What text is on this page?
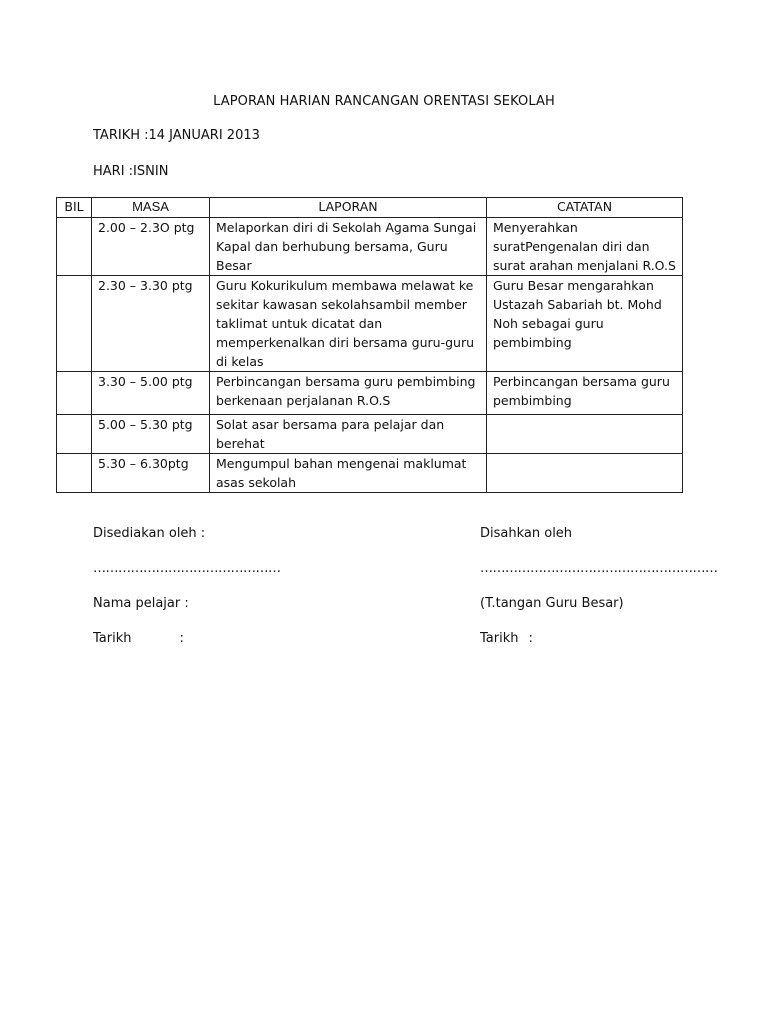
LAPORAN HARIAN RANCANGAN ORENTASI SEKOLAH
TARIKH :14 JANUARI 2013
HARI :ISNIN
BIL	MASA	LAPORAN	CATATAN
	2.00 – 2.3O ptg	Melaporkan diri di Sekolah Agama Sungai Kapal dan berhubung bersama, Guru Besar	Menyerahkan suratPengenalan diri dan surat arahan menjalani R.O.S
	2.30 – 3.30 ptg	Guru Kokurikulum membawa melawat ke sekitar kawasan sekolahsambil member taklimat untuk dicatat dan memperkenalkan diri bersama guru-guru di kelas	Guru Besar mengarahkan Ustazah Sabariah bt. Mohd Noh sebagai guru pembimbing
	3.30 – 5.00 ptg	Perbincangan bersama guru pembimbing berkenaan perjalanan R.O.S	Perbincangan bersama guru pembimbing
	5.00 – 5.30 ptg	Solat asar bersama para pelajar dan berehat	
	5.30 – 6.30ptg	Mengumpul bahan mengenai maklumat asas sekolah	
Disediakan oleh :
………………………………………
Nama pelajar :
Tarikh	:
Disahkan oleh
…………………………………………………
(T.tangan Guru Besar)
Tarikh :
